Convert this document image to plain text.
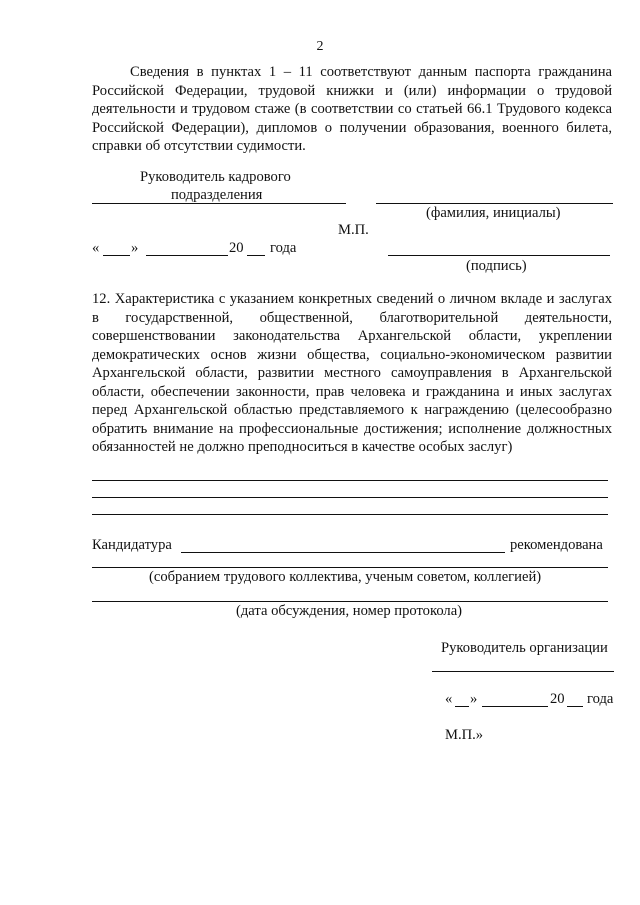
2

Сведения в пунктах 1 – 11 соответствуют данным паспорта гражданина Российской Федерации, трудовой книжки и (или) информации о трудовой деятельности и трудовом стаже (в соответствии со статьей 66.1 Трудового кодекса Российской Федерации), дипломов о получении образования, военного билета, справки об отсутствии судимости.

Руководитель кадрового
подразделения
(фамилия, инициалы)
М.П.
« »	20 года
(подпись)

12. Характеристика с указанием конкретных сведений о личном вкладе и заслугах в государственной, общественной, благотворительной деятельности, совершенствовании законодательства Архангельской области, укреплении демократических основ жизни общества, социально-экономическом развитии Архангельской области, развитии местного самоуправления в Архангельской области, обеспечении законности, прав человека и гражданина и иных заслугах перед Архангельской областью представляемого к награждению (целесообразно обратить внимание на профессиональные достижения; исполнение должностных обязанностей не должно преподноситься в качестве особых заслуг)

Кандидатура	рекомендована
(собранием трудового коллектива, ученым советом, коллегией)
(дата обсуждения, номер протокола)
Руководитель организации
« »	20 года
М.П.»
